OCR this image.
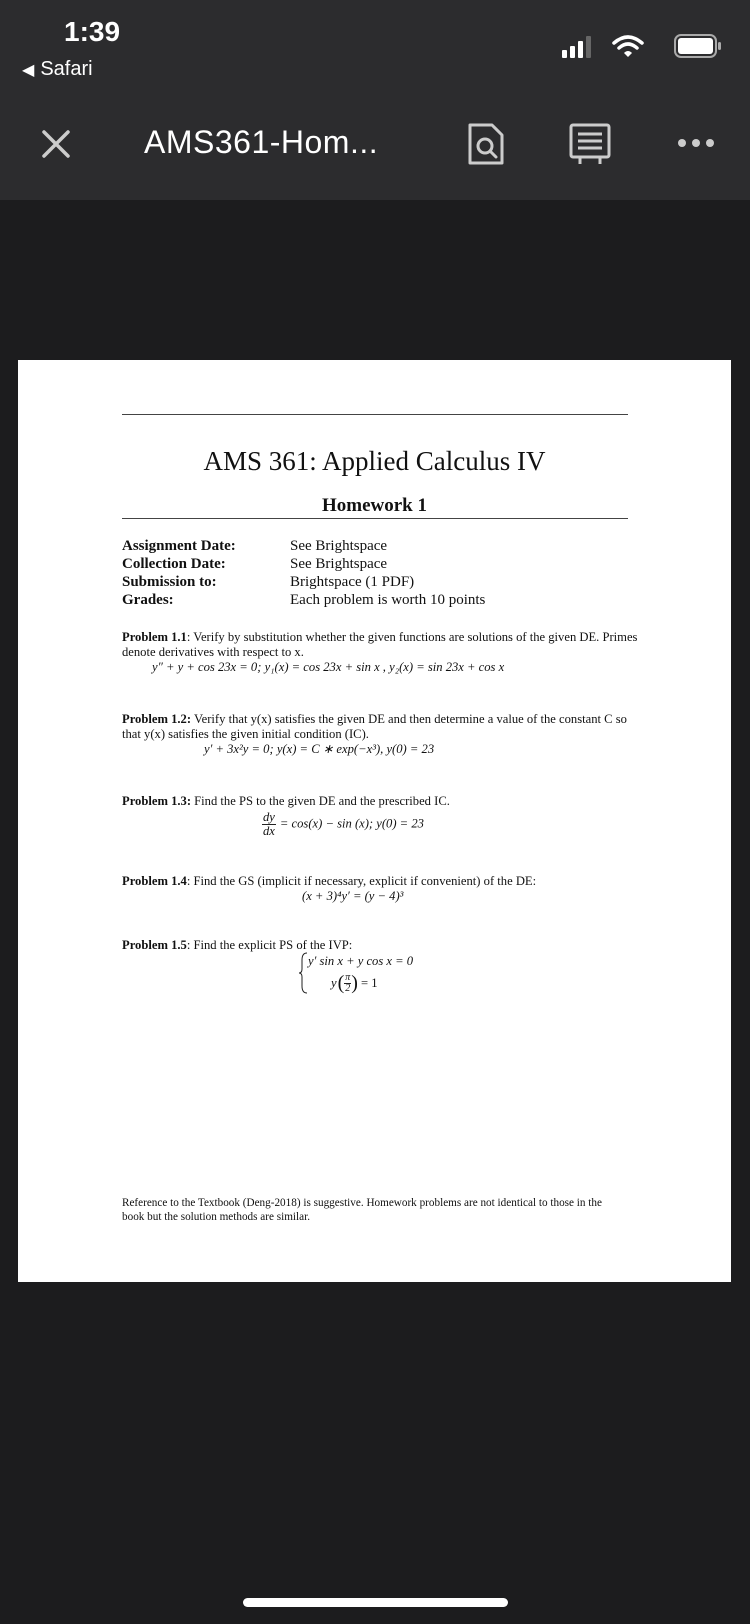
1:39
◀ Safari
AMS361-Hom...
AMS 361: Applied Calculus IV
Homework 1
Assignment Date:	See Brightspace
Collection Date:	See Brightspace
Submission to:	Brightspace (1 PDF)
Grades:	Each problem is worth 10 points
Problem 1.1: Verify by substitution whether the given functions are solutions of the given DE. Primes denote derivatives with respect to x.
y″ + y + cos 23x = 0; y₁(x) = cos 23x + sin x , y₂(x) = sin 23x + cos x
Problem 1.2: Verify that y(x) satisfies the given DE and then determine a value of the constant C so that y(x) satisfies the given initial condition (IC).
y′ + 3x²y = 0; y(x) = C ∗ exp(−x³), y(0) = 23
Problem 1.3: Find the PS to the given DE and the prescribed IC.
$\frac{dy}{dx} = \cos(x) - \sin (x)$; y(0) = 23
Problem 1.4: Find the GS (implicit if necessary, explicit if convenient) of the DE:
(x + 3)⁴y′ = (y − 4)³
Problem 1.5: Find the explicit PS of the IVP:
y′ sin x + y cos x = 0
y ( $\frac{\pi}{2}$ ) = 1
Reference to the Textbook (Deng-2018) is suggestive. Homework problems are not identical to those in the book but the solution methods are similar.
